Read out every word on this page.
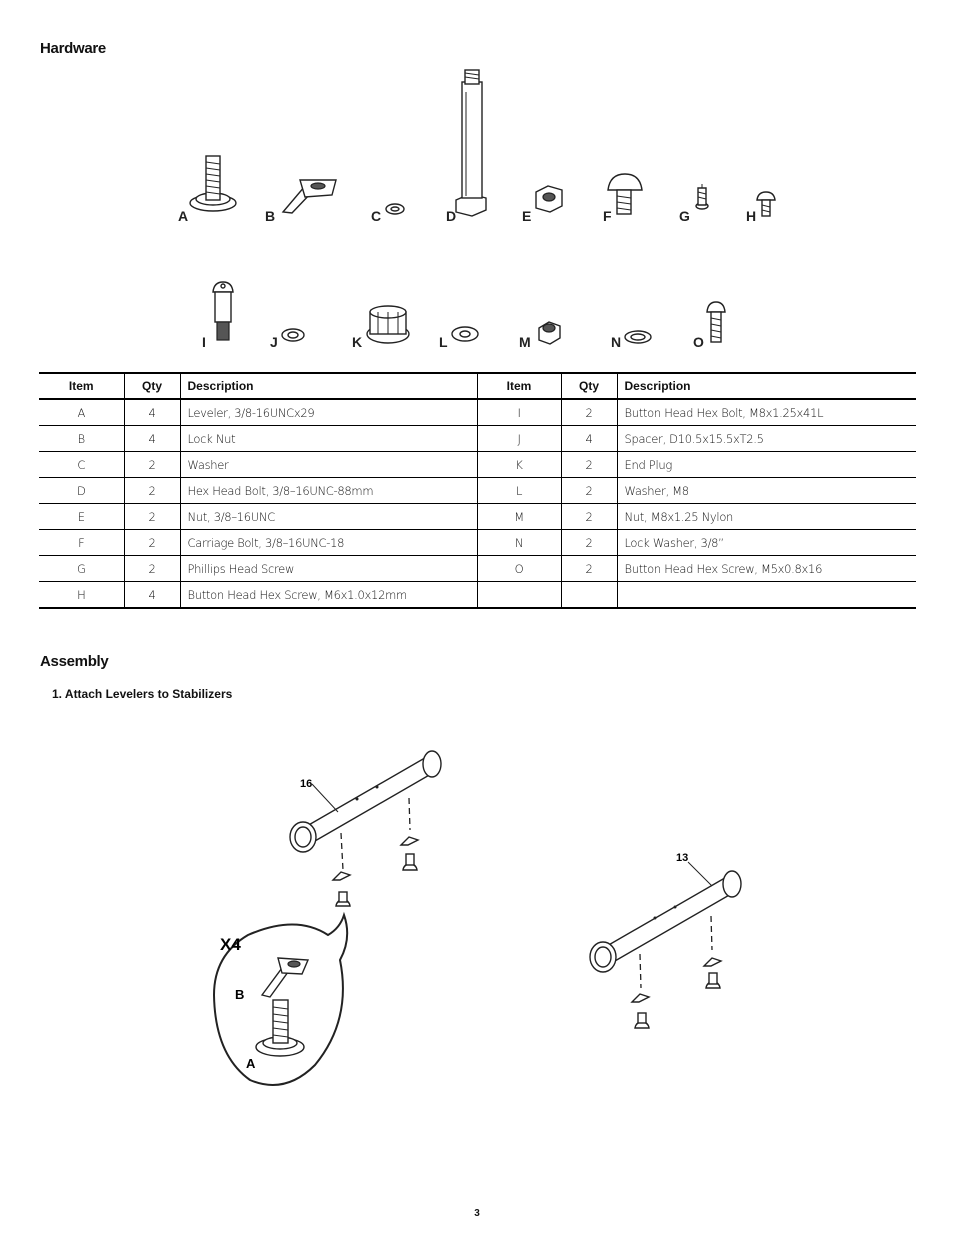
Hardware
A	B	C	D	E	F	G	H
I	J	K	L	M	N	O
Item	Qty	Description	Item	Qty	Description
A	4	Leveler, 3/8-16UNCx29	I	2	Button Head Hex Bolt, M8x1.25x41L
B	4	Lock Nut	J	4	Spacer, D10.5x15.5xT2.5
C	2	Washer	K	2	End Plug
D	2	Hex Head Bolt, 3/8–16UNC-88mm	L	2	Washer, M8
E	2	Nut, 3/8–16UNC	M	2	Nut, M8x1.25 Nylon
F	2	Carriage Bolt, 3/8–16UNC-18	N	2	Lock Washer, 3/8”
G	2	Phillips Head Screw	O	2	Button Head Hex Screw, M5x0.8x16
H	4	Button Head Hex Screw, M6x1.0x12mm			
Assembly
1. Attach Levelers to Stabilizers
16
13
X4
B
A
3
